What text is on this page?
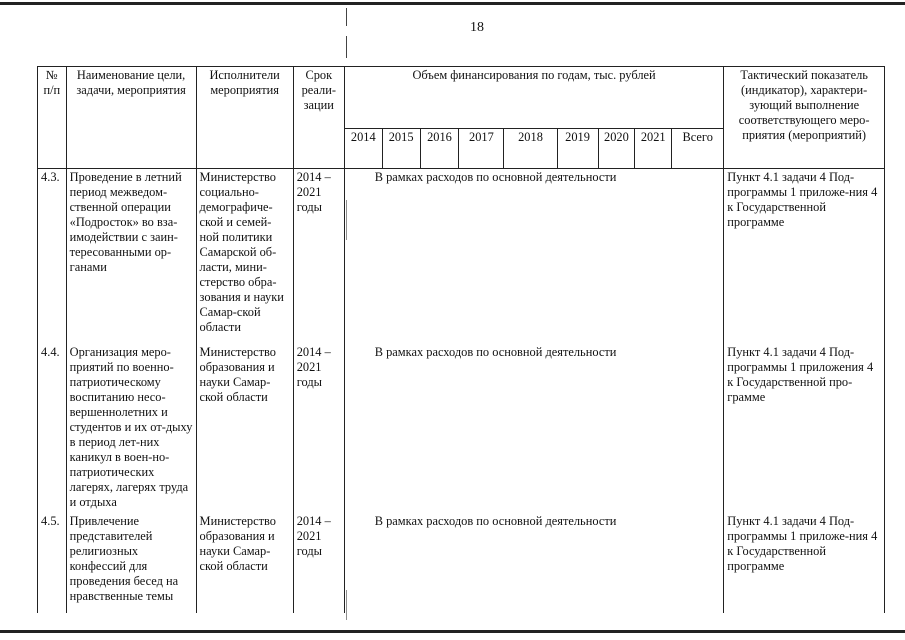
18
№ п/п	Наименование цели, задачи, мероприятия	Исполнители мероприятия	Срок реали-зации	Объем финансирования по годам, тыс. рублей									Тактический показатель (индикатор), характери-зующий выполнение соответствующего меро-приятия (мероприятий)
				2014	2015	2016	2017	2018	2019	2020	2021	Всего	
4.3.	Проведение в летний период межведом-ственной операции «Подросток» во вза-имодействии с заин-тересованными ор-ганами	Министерство социально-демографиче-ской и семей-ной политики Самарской об-ласти, мини-стерство обра-зования и науки Самар-ской области	2014 – 2021 годы	В рамках расходов по основной деятельности									Пункт 4.1 задачи 4 Под-программы 1 приложе-ния 4 к Государственной программе
4.4.	Организация меро-приятий по военно-патриотическому воспитанию несо-вершеннолетних и студентов и их от-дыху в период лет-них каникул в воен-но-патриотических лагерях, лагерях труда и отдыха	Министерство образования и науки Самар-ской области	2014 – 2021 годы	В рамках расходов по основной деятельности									Пункт 4.1 задачи 4 Под-программы 1 приложения 4 к Государственной про-грамме
4.5.	Привлечение представителей религиозных конфессий для проведения бесед на нравственные темы	Министерство образования и науки Самар-ской области	2014 – 2021 годы	В рамках расходов по основной деятельности									Пункт 4.1 задачи 4 Под-программы 1 приложе-ния 4 к Государственной программе
